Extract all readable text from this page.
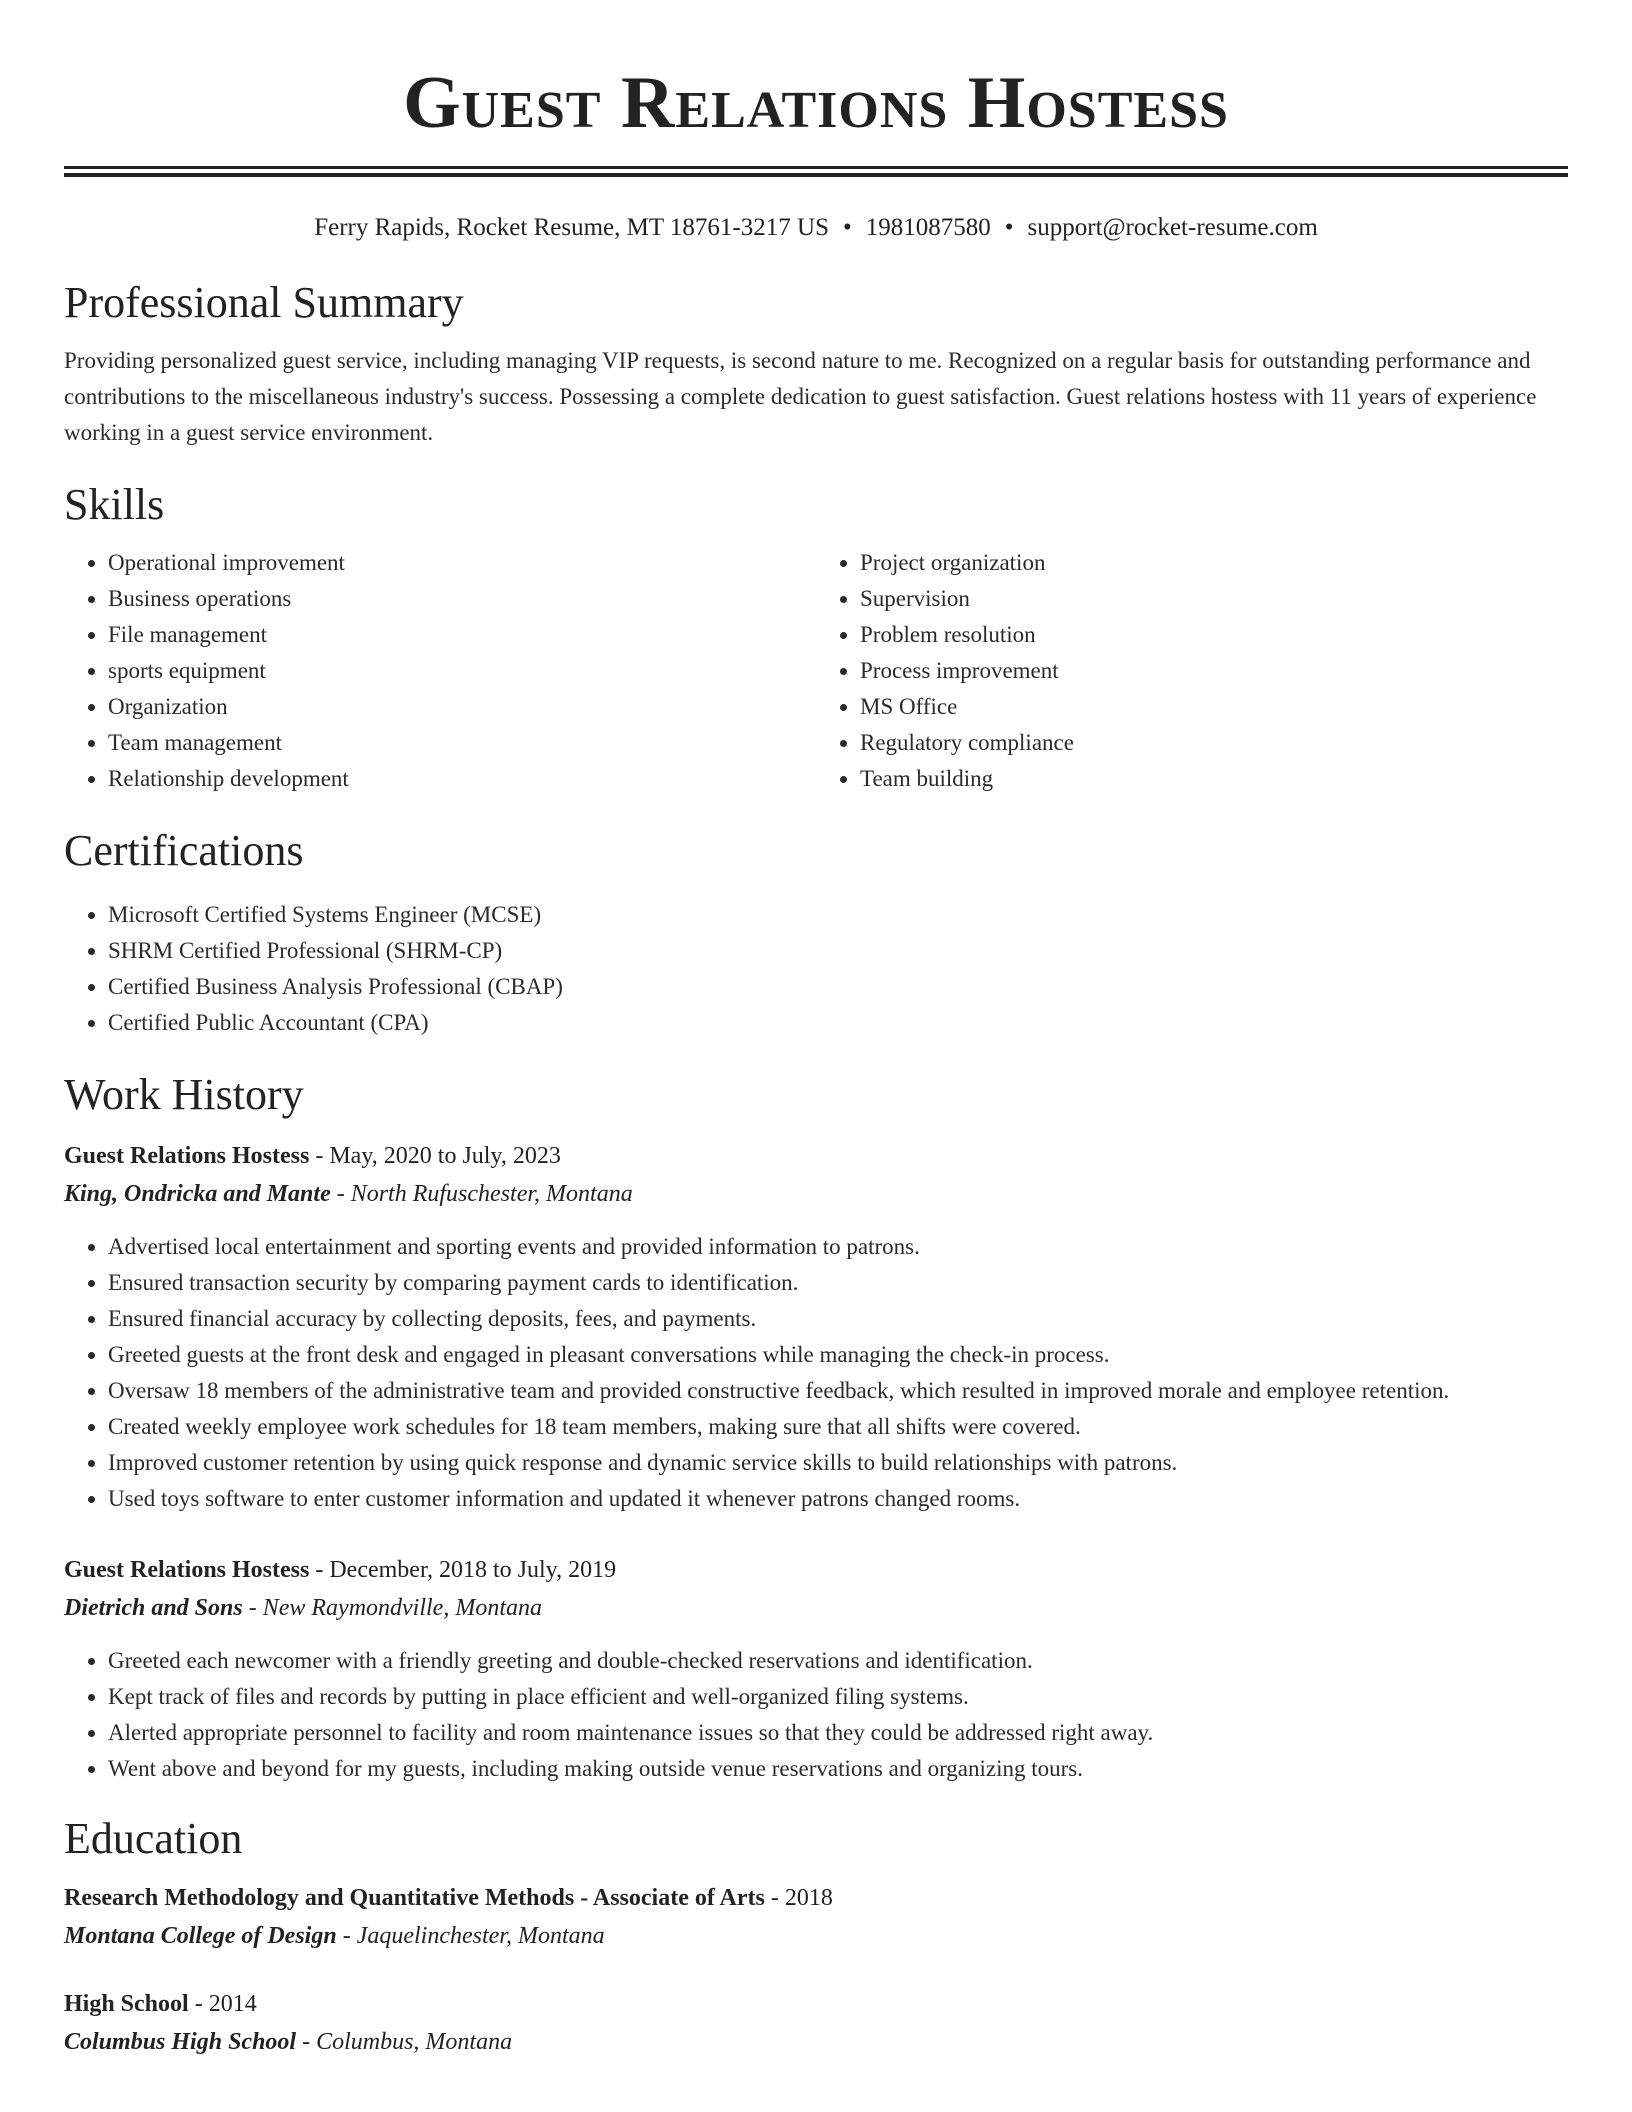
Guest Relations Hostess
Ferry Rapids, Rocket Resume, MT 18761-3217 US • 1981087580 • support@rocket-resume.com
Professional Summary

Providing personalized guest service, including managing VIP requests, is second nature to me. Recognized on a regular basis for outstanding performance and contributions to the miscellaneous industry's success. Possessing a complete dedication to guest satisfaction. Guest relations hostess with 11 years of experience working in a guest service environment.

Skills
• Operational improvement
• Business operations
• File management
• sports equipment
• Organization
• Team management
• Relationship development
• Project organization
• Supervision
• Problem resolution
• Process improvement
• MS Office
• Regulatory compliance
• Team building
Certifications
• Microsoft Certified Systems Engineer (MCSE)
• SHRM Certified Professional (SHRM-CP)
• Certified Business Analysis Professional (CBAP)
• Certified Public Accountant (CPA)
Work History
Guest Relations Hostess - May, 2020 to July, 2023
King, Ondricka and Mante - North Rufuschester, Montana
• Advertised local entertainment and sporting events and provided information to patrons.
• Ensured transaction security by comparing payment cards to identification.
• Ensured financial accuracy by collecting deposits, fees, and payments.
• Greeted guests at the front desk and engaged in pleasant conversations while managing the check-in process.
• Oversaw 18 members of the administrative team and provided constructive feedback, which resulted in improved morale and employee retention.
• Created weekly employee work schedules for 18 team members, making sure that all shifts were covered.
• Improved customer retention by using quick response and dynamic service skills to build relationships with patrons.
• Used toys software to enter customer information and updated it whenever patrons changed rooms.
Guest Relations Hostess - December, 2018 to July, 2019
Dietrich and Sons - New Raymondville, Montana
• Greeted each newcomer with a friendly greeting and double-checked reservations and identification.
• Kept track of files and records by putting in place efficient and well-organized filing systems.
• Alerted appropriate personnel to facility and room maintenance issues so that they could be addressed right away.
• Went above and beyond for my guests, including making outside venue reservations and organizing tours.
Education
Research Methodology and Quantitative Methods - Associate of Arts - 2018
Montana College of Design - Jaquelinchester, Montana
High School - 2014
Columbus High School - Columbus, Montana
